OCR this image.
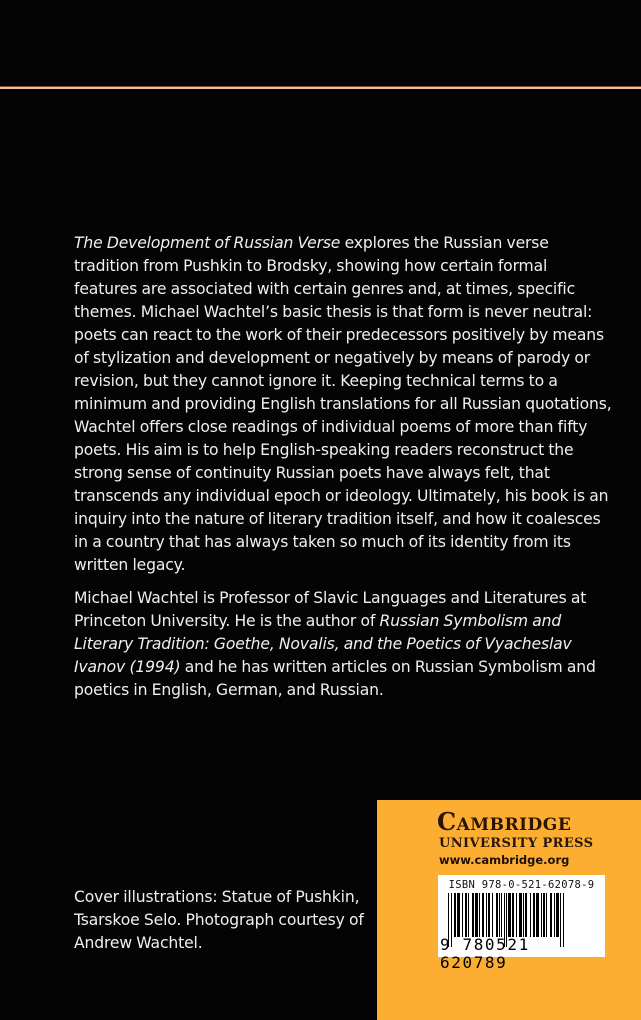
The Development of Russian Verse explores the Russian verse tradition from Pushkin to Brodsky, showing how certain formal features are associated with certain genres and, at times, specific themes. Michael Wachtel’s basic thesis is that form is never neutral: poets can react to the work of their predecessors positively by means of stylization and development or negatively by means of parody or revision, but they cannot ignore it. Keeping technical terms to a minimum and providing English translations for all Russian quotations, Wachtel offers close readings of individual poems of more than fifty poets. His aim is to help English-speaking readers reconstruct the strong sense of continuity Russian poets have always felt, that transcends any individual epoch or ideology. Ultimately, his book is an inquiry into the nature of literary tradition itself, and how it coalesces in a country that has always taken so much of its identity from its written legacy.

Michael Wachtel is Professor of Slavic Languages and Literatures at Princeton University. He is the author of Russian Symbolism and Literary Tradition: Goethe, Novalis, and the Poetics of Vyacheslav Ivanov (1994) and he has written articles on Russian Symbolism and poetics in English, German, and Russian.

Cover illustrations: Statue of Pushkin, Tsarskoe Selo. Photograph courtesy of Andrew Wachtel.
Cambridge
UNIVERSITY PRESS
www.cambridge.org
ISBN 978-0-521-62078-9
9 780521 620789
